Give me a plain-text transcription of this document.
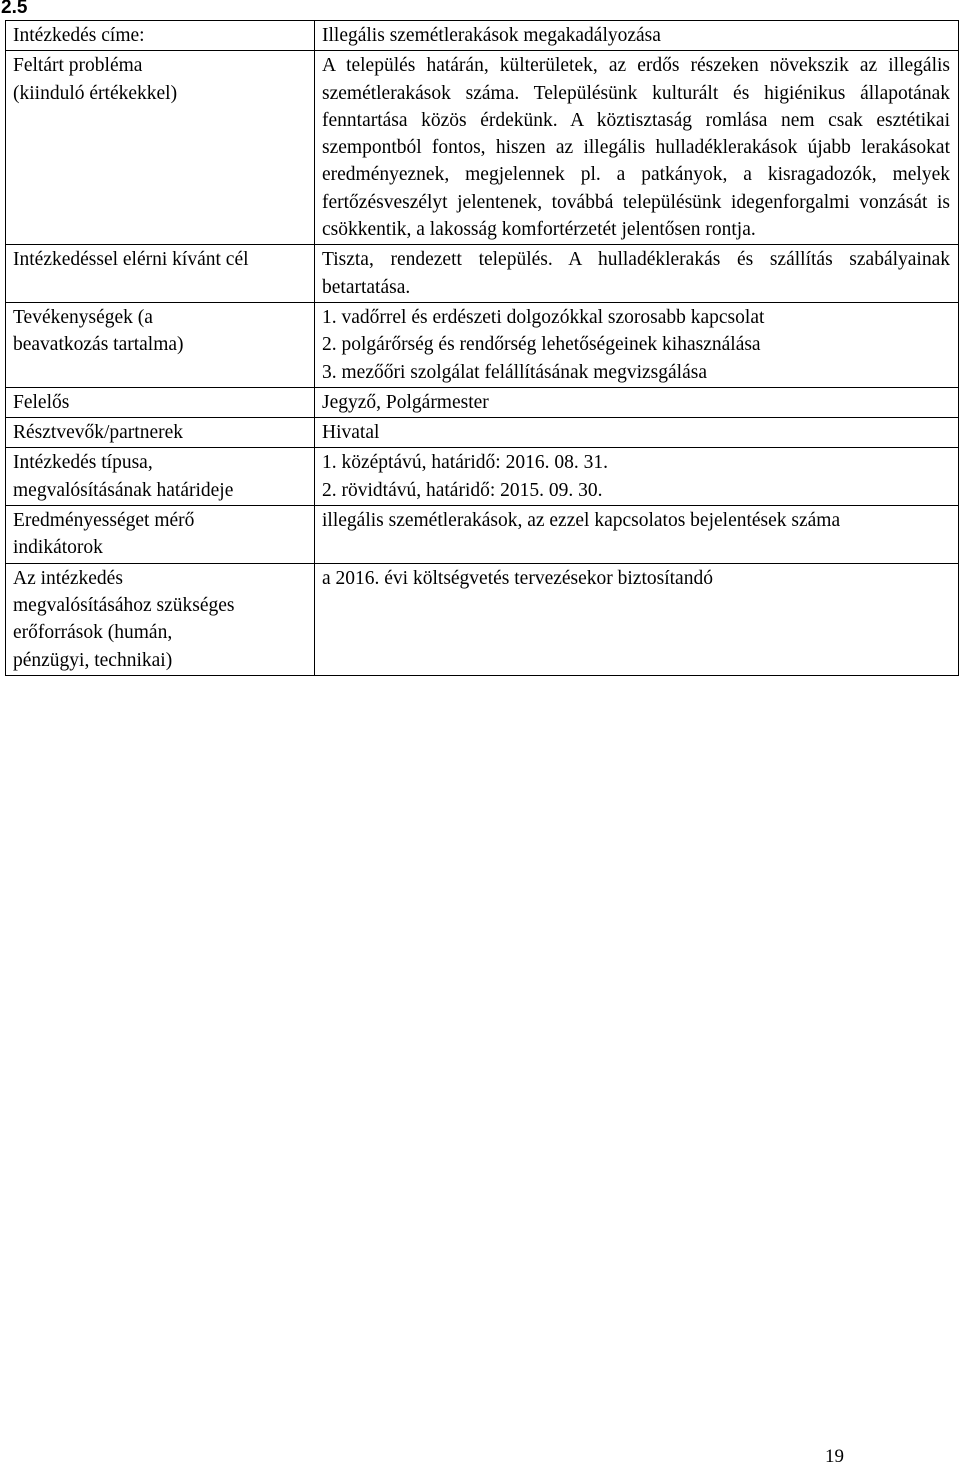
2.5
Intézkedés címe:	Illegális szemétlerakások megakadályozása

Feltárt probléma
(kiinduló értékekkel)	A település határán, külterületek, az erdős részeken növekszik az illegális szemétlerakások száma. Településünk kulturált és higiénikus állapotának fenntartása közös érdekünk. A köztisztaság romlása nem csak esztétikai szempontból fontos, hiszen az illegális hulladéklerakások újabb lerakásokat eredményeznek, megjelennek pl. a patkányok, a kisragadozók, melyek fertőzésveszélyt jelentenek, továbbá településünk idegenforgalmi vonzását is csökkentik, a lakosság komfortérzetét jelentősen rontja.

Intézkedéssel elérni kívánt cél	Tiszta, rendezett település. A hulladéklerakás és szállítás szabályainak betartatása.

Tevékenységek (a
beavatkozás tartalma)	1. vadőrrel és erdészeti dolgozókkal szorosabb kapcsolat
2. polgárőrség és rendőrség lehetőségeinek kihasználása
3. mezőőri szolgálat felállításának megvizsgálása

Felelős	Jegyző, Polgármester

Résztvevők/partnerek	Hivatal

Intézkedés típusa,
megvalósításának határideje	1. középtávú, határidő: 2016. 08. 31.
2. rövidtávú, határidő: 2015. 09. 30.

Eredményességet mérő
indikátorok	illegális szemétlerakások, az ezzel kapcsolatos bejelentések száma

Az intézkedés
megvalósításához szükséges
erőforrások (humán,
pénzügyi, technikai)	a 2016. évi költségvetés tervezésekor biztosítandó
19
